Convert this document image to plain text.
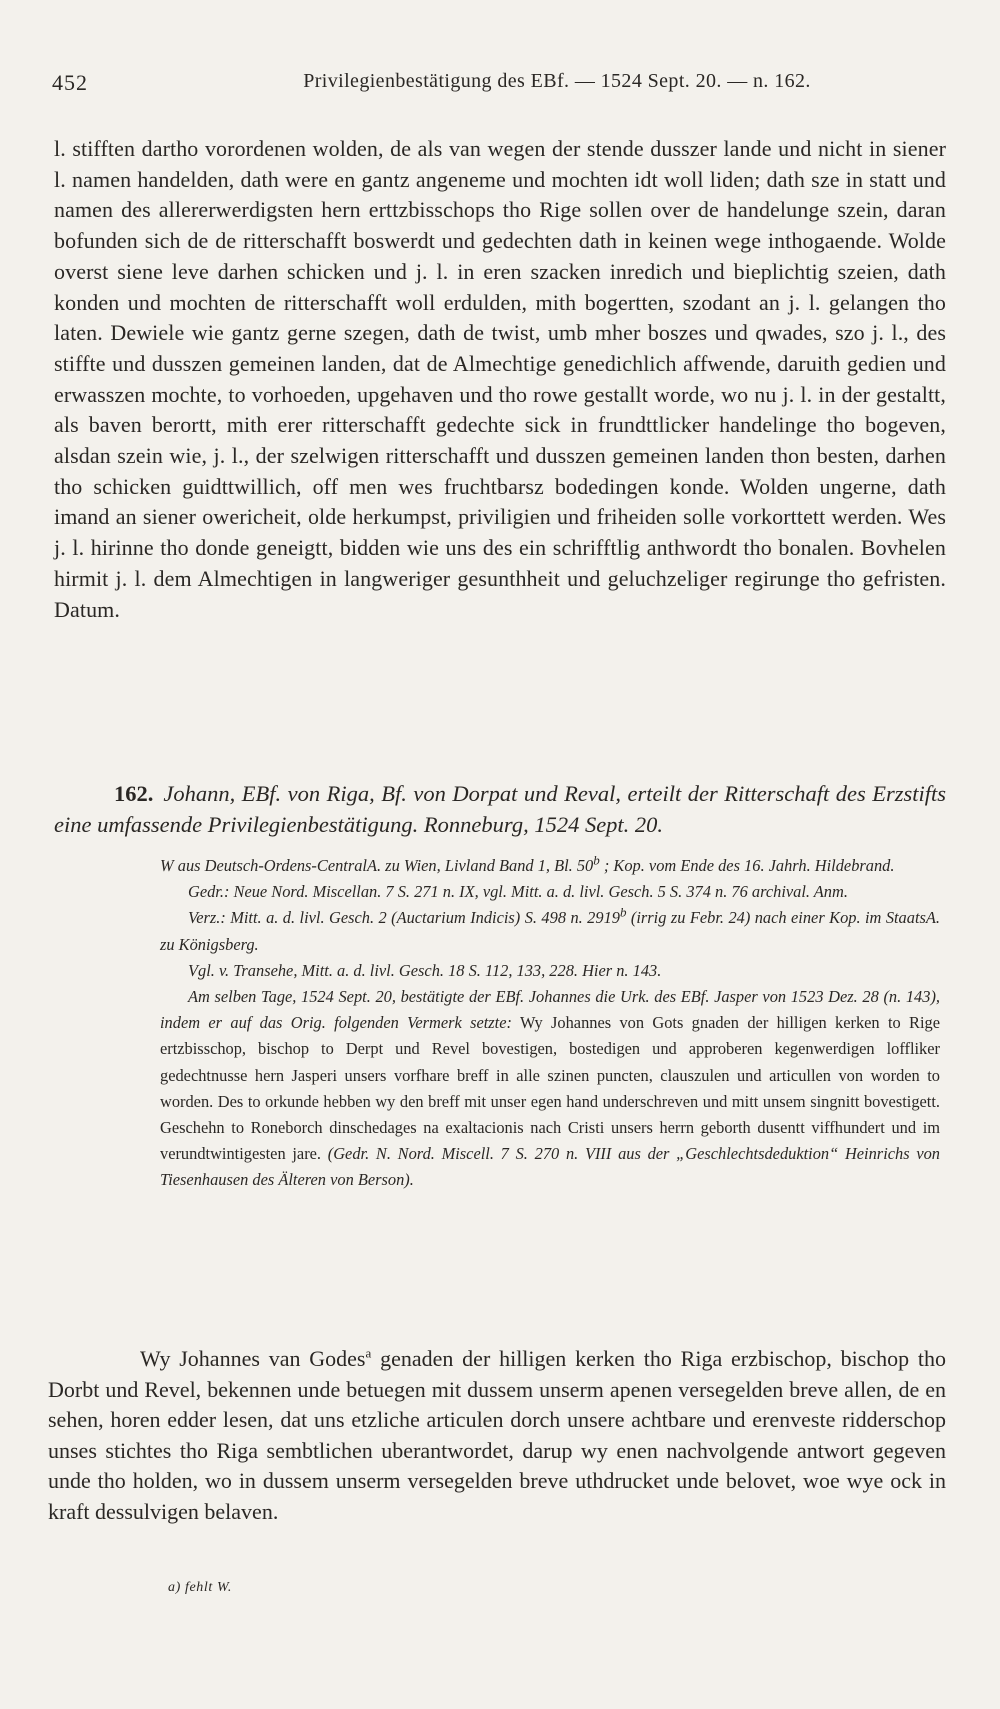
452	Privilegienbestätigung des EBf. — 1524 Sept. 20. — n. 162.
l. stifften dartho vorordenen wolden, de als van wegen der stende dusszer lande und nicht in siener l. namen handelden, dath were en gantz angeneme und mochten idt woll liden; dath sze in statt und namen des allererwerdigsten hern erttzbisschops tho Rige sollen over de handelunge szein, daran bofunden sich de de ritterschafft boswerdt und gedechten dath in keinen wege inthogaende. Wolde overst siene leve darhen schicken und j. l. in eren szacken inredich und bieplichtig szeien, dath konden und mochten de ritterschafft woll erdulden, mith bogertten, szodant an j. l. gelangen tho laten. Dewiele wie gantz gerne szegen, dath de twist, umb mher boszes und qwades, szo j. l., des stiffte und dusszen gemeinen landen, dat de Almechtige genedichlich affwende, daruith gedien und erwasszen mochte, to vorhoeden, upgehaven und tho rowe gestallt worde, wo nu j. l. in der gestaltt, als baven berortt, mith erer ritterschafft gedechte sick in frundttlicker handelinge tho bogeven, alsdan szein wie, j. l., der szelwigen ritterschafft und dusszen gemeinen landen thon besten, darhen tho schicken guidttwillich, off men wes fruchtbarsz bodedingen konde. Wolden ungerne, dath imand an siener owericheit, olde herkumpst, priviligien und friheiden solle vorkorttett werden. Wes j. l. hirinne tho donde geneigtt, bidden wie uns des ein schrifftlig anthwordt tho bonalen. Bovhelen hirmit j. l. dem Almechtigen in langweriger gesunthheit und geluchzeliger regirunge tho gefristen. Datum.
162. Johann, EBf. von Riga, Bf. von Dorpat und Reval, erteilt der Ritterschaft des Erzstifts eine umfassende Privilegienbestätigung. Ronneburg, 1524 Sept. 20.

W aus Deutsch-Ordens-CentralA. zu Wien, Livland Band 1, Bl. 50$^b$ ; Kop. vom Ende des 16. Jahrh. Hildebrand.

Gedr.: Neue Nord. Miscellan. 7 S. 271 n. IX, vgl. Mitt. a. d. livl. Gesch. 5 S. 374 n. 76 archival. Anm.

Verz.: Mitt. a. d. livl. Gesch. 2 (Auctarium Indicis) S. 498 n. 2919$^b$ (irrig zu Febr. 24) nach einer Kop. im StaatsA. zu Königsberg.

Vgl. v. Transehe, Mitt. a. d. livl. Gesch. 18 S. 112, 133, 228. Hier n. 143.

Am selben Tage, 1524 Sept. 20, bestätigte der EBf. Johannes die Urk. des EBf. Jasper von 1523 Dez. 28 (n. 143), indem er auf das Orig. folgenden Vermerk setzte: Wy Johannes von Gots gnaden der hilligen kerken to Rige ertzbisschop, bischop to Derpt und Revel bovestigen, bostedigen und approberen kegenwerdigen loffliker gedechtnusse hern Jasperi unsers vorfhare breff in alle szinen puncten, clauszulen und articullen von worden to worden. Des to orkunde hebben wy den breff mit unser egen hand underschreven und mitt unsem singnitt bovestigett. Geschehn to Roneborch dinschedages na exaltacionis nach Cristi unsers herrn geborth dusentt viffhundert und im verundtwintigesten jare. (Gedr. N. Nord. Miscell. 7 S. 270 n. VIII aus der „Geschlechtsdeduktion“ Heinrichs von Tiesenhausen des Älteren von Berson).

Wy Johannes van Godes$^a$ genaden der hilligen kerken tho Riga erzbischop, bischop tho Dorbt und Revel, bekennen unde betuegen mit dussem unserm apenen versegelden breve allen, de en sehen, horen edder lesen, dat uns etzliche articulen dorch unsere achtbare und erenveste ridderschop unses stichtes tho Riga sembtlichen uberantwordet, darup wy enen nachvolgende antwort gegeven unde tho holden, wo in dussem unserm versegelden breve uthdrucket unde belovet, woe wye ock in kraft dessulvigen belaven.
a) fehlt W.
